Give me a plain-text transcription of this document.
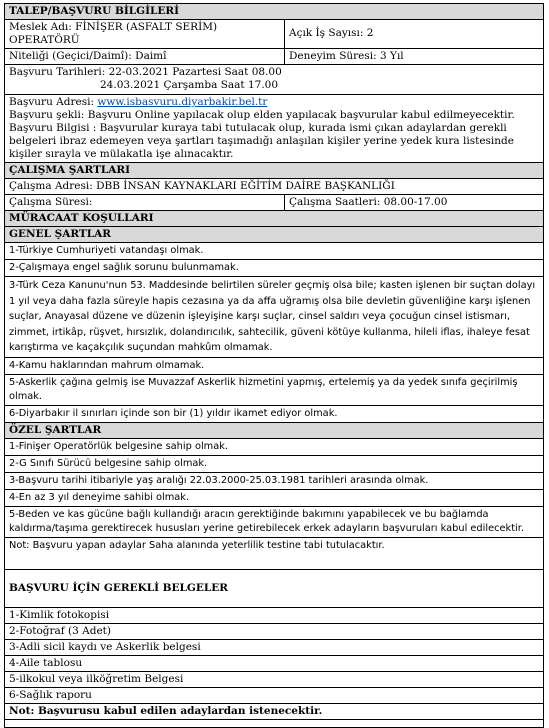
TALEP/BAŞVURU BİLGİLERİ
Meslek Adı: FİNİŞER (ASFALT SERİM) OPERATÖRÜ
Açık İş Sayısı: 2
Niteliği (Geçici/Daimî): Daimî	Deneyim Süresi: 3 Yıl
Başvuru Tarihleri: 22-03.2021 Pazartesi Saat 08.00
24.03.2021 Çarşamba Saat 17.00
Başvuru Adresi: www.isbasvuru.diyarbakir.bel.tr
Başvuru şekli: Başvuru Online yapılacak olup elden yapılacak başvurular kabul edilmeyecektir.
Başvuru Bilgisi : Başvurular kuraya tabi tutulacak olup, kurada ismi çıkan adaylardan gerekli belgeleri ibraz edemeyen veya şartları taşımadığı anlaşılan kişiler yerine yedek kura listesinde kişiler sırayla ve mülakatla işe alınacaktır.
ÇALIŞMA ŞARTLARI
Çalışma Adresi: DBB İNSAN KAYNAKLARI EĞİTİM DAİRE BAŞKANLIĞI
Çalışma Süresi:	Çalışma Saatleri: 08.00-17.00
MÜRACAAT KOŞULLARI
GENEL ŞARTLAR
1-Türkiye Cumhuriyeti vatandaşı olmak.
2-Çalışmaya engel sağlık sorunu bulunmamak.
3-Türk Ceza Kanunu'nun 53. Maddesinde belirtilen süreler geçmiş olsa bile; kasten işlenen bir suçtan dolayı 1 yıl veya daha fazla süreyle hapis cezasına ya da affa uğramış olsa bile devletin güvenliğine karşı işlenen suçlar, Anayasal düzene ve düzenin işleyişine karşı suçlar, cinsel saldırı veya çocuğun cinsel istismarı, zimmet, irtikâp, rüşvet, hırsızlık, dolandırıcılık, sahtecilik, güveni kötüye kullanma, hileli iflas, ihaleye fesat karıştırma ve kaçakçılık suçundan mahkûm olmamak.
4-Kamu haklarından mahrum olmamak.
5-Askerlik çağına gelmiş ise Muvazzaf Askerlik hizmetini yapmış, ertelemiş ya da yedek sınıfa geçirilmiş olmak.
6-Diyarbakır il sınırları içinde son bir (1) yıldır ikamet ediyor olmak.
ÖZEL ŞARTLAR
1-Finişer Operatörlük belgesine sahip olmak.
2-G Sınıfı Sürücü belgesine sahip olmak.
3-Başvuru tarihi itibariyle yaş aralığı 22.03.2000-25.03.1981 tarihleri arasında olmak.
4-En az 3 yıl deneyime sahibi olmak.
5-Beden ve kas gücüne bağlı kullandığı aracın gerektiğinde bakımını yapabilecek ve bu bağlamda kaldırma/taşıma gerektirecek hususları yerine getirebilecek erkek adayların başvuruları kabul edilecektir.
Not: Başvuru yapan adaylar Saha alanında yeterlilik testine tabi tutulacaktır.
BAŞVURU İÇİN GEREKLİ BELGELER
1-Kimlik fotokopisi
2-Fotoğraf (3 Adet)
3-Adli sicil kaydı ve Askerlik belgesi
4-Aile tablosu
5-ilkokul veya ilköğretim Belgesi
6-Sağlık raporu
Not: Başvurusu kabul edilen adaylardan istenecektir.
